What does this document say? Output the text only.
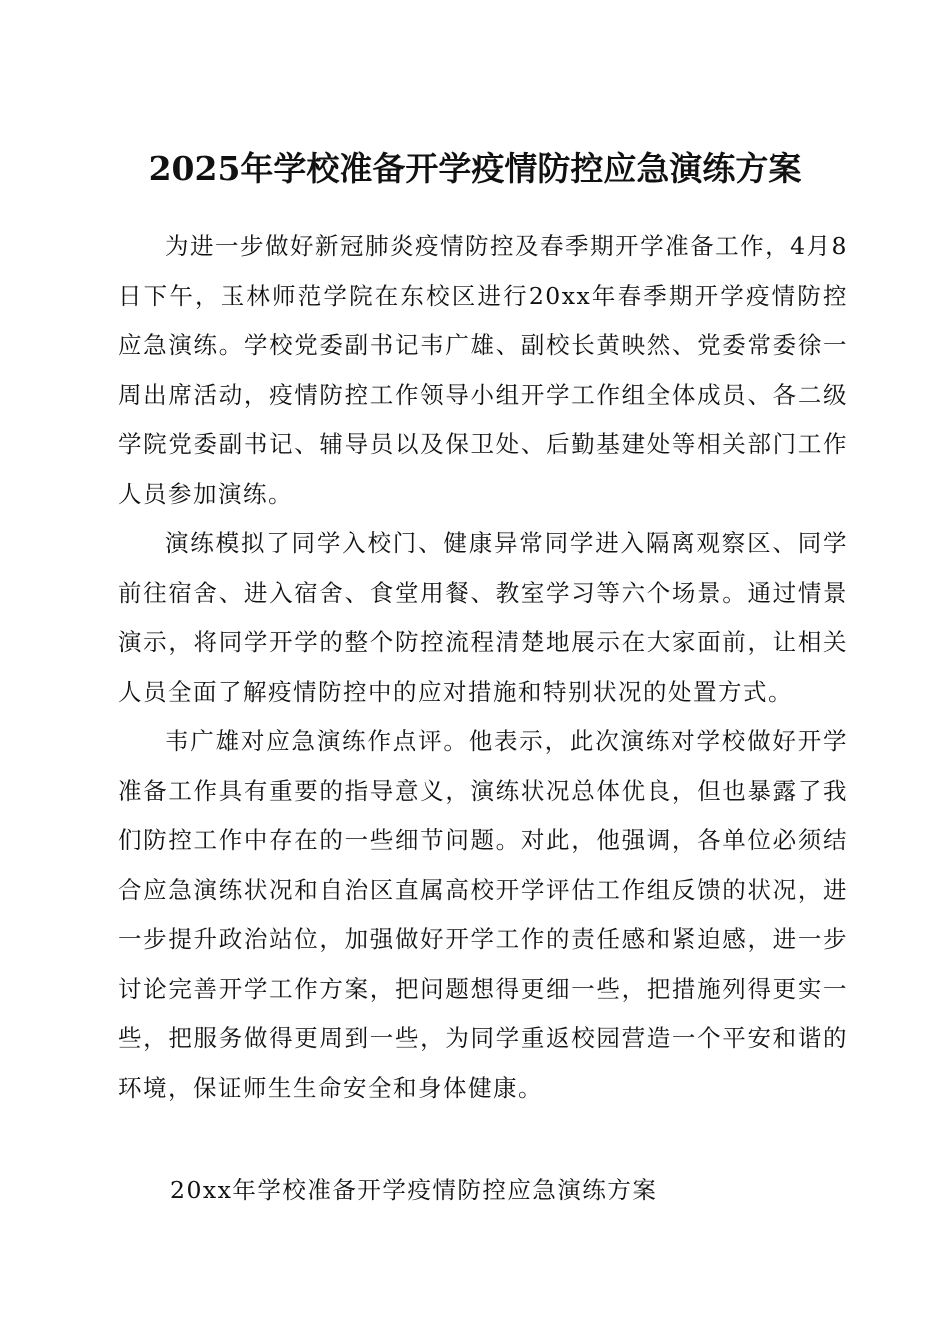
2025年学校准备开学疫情防控应急演练方案

为进一步做好新冠肺炎疫情防控及春季期开学准备工作，4月8日下午，玉林师范学院在东校区进行20xx年春季期开学疫情防控应急演练。学校党委副书记韦广雄、副校长黄映然、党委常委徐一周出席活动，疫情防控工作领导小组开学工作组全体成员、各二级学院党委副书记、辅导员以及保卫处、后勤基建处等相关部门工作人员参加演练。

演练模拟了同学入校门、健康异常同学进入隔离观察区、同学前往宿舍、进入宿舍、食堂用餐、教室学习等六个场景。通过情景演示，将同学开学的整个防控流程清楚地展示在大家面前，让相关人员全面了解疫情防控中的应对措施和特别状况的处置方式。

韦广雄对应急演练作点评。他表示，此次演练对学校做好开学准备工作具有重要的指导意义，演练状况总体优良，但也暴露了我们防控工作中存在的一些细节问题。对此，他强调，各单位必须结合应急演练状况和自治区直属高校开学评估工作组反馈的状况，进一步提升政治站位，加强做好开学工作的责任感和紧迫感，进一步讨论完善开学工作方案，把问题想得更细一些，把措施列得更实一些，把服务做得更周到一些，为同学重返校园营造一个平安和谐的环境，保证师生生命安全和身体健康。

20xx年学校准备开学疫情防控应急演练方案
